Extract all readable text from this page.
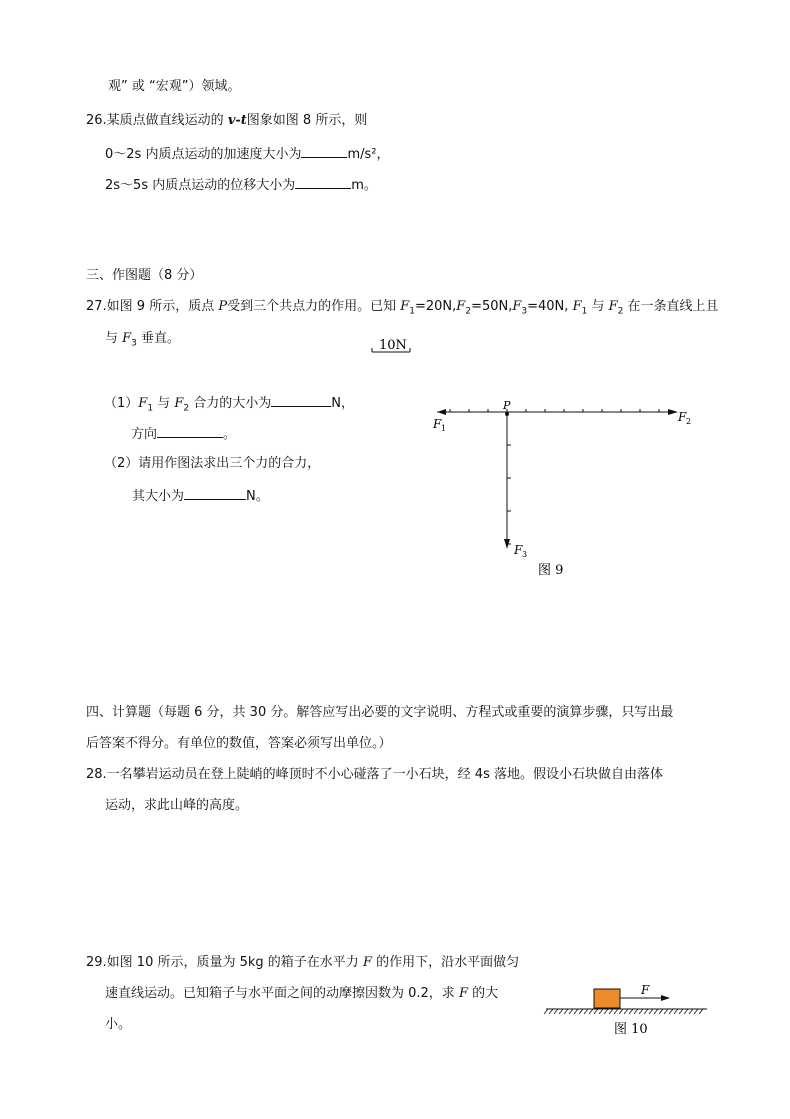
观” 或 “宏观”）领域。
26.某质点做直线运动的 v-t图象如图 8 所示，则
0～2s 内质点运动的加速度大小为	m/s²，
2s～5s 内质点运动的位移大小为	m。
三、作图题（8 分）
27.如图 9 所示，质点 P受到三个共点力的作用。已知 $F_1=20N,F_2=50N,F_3=40N$, $F_1$ 与 $F_2$ 在一条直线上且
与 $F_3$ 垂直。
$(1)F_1$ 与 $F_2$ 合力的大小为	N，
方向	。
（2）请用作图法求出三个力的合力，
其大小为	N。
10N
P
F 1
F 2
F 3
图 9
F
图 10
四、计算题（每题 6 分，共 30 分。解答应写出必要的文字说明、方程式或重要的演算步骤，只写出最
后答案不得分。有单位的数值，答案必须写出单位。）
28.一名攀岩运动员在登上陡峭的峰顶时不小心碰落了一小石块，经 4s 落地。假设小石块做自由落体
运动，求此山峰的高度。
29.如图 10 所示，质量为 5kg 的箱子在水平力 F 的作用下，沿水平面做匀
速直线运动。已知箱子与水平面之间的动摩擦因数为 0.2，求 F 的大
小。
